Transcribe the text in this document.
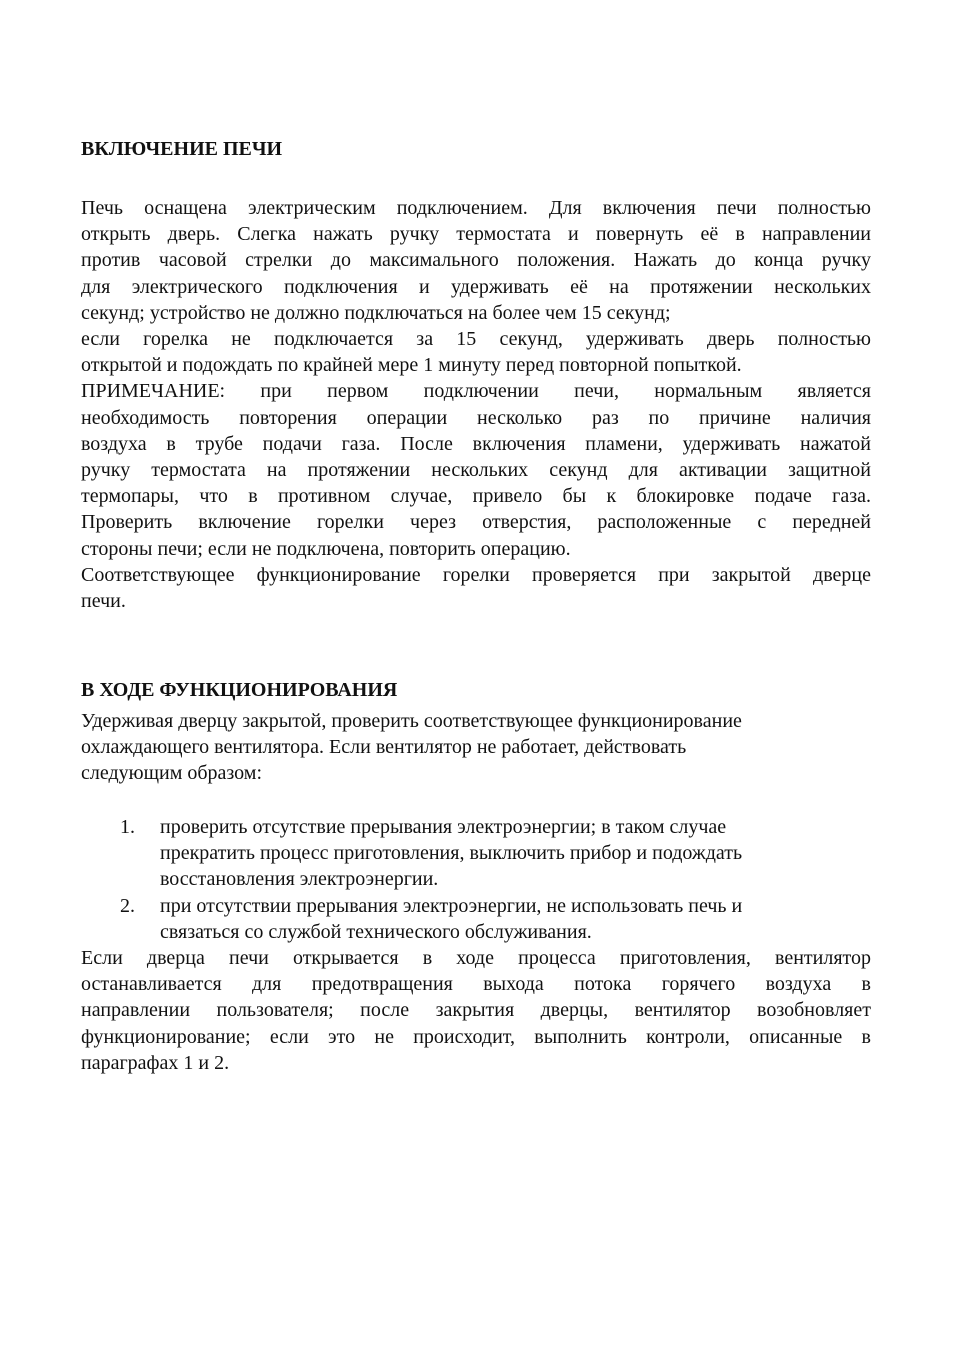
ВКЛЮЧЕНИЕ ПЕЧИ
Печь оснащена электрическим подключением. Для включения печи полностью
открыть дверь. Слегка нажать ручку термостата и повернуть её в направлении
против часовой стрелки до максимального положения. Нажать до конца ручку
для электрического подключения и удерживать её на протяжении нескольких
секунд; устройство не должно подключаться на более чем 15 секунд;
если горелка не подключается за 15 секунд, удерживать дверь полностью
открытой и подождать по крайней мере 1 минуту перед повторной попыткой.
ПРИМЕЧАНИЕ: при первом подключении печи, нормальным является
необходимость повторения операции несколько раз по причине наличия
воздуха в трубе подачи газа. После включения пламени, удерживать нажатой
ручку термостата на протяжении нескольких секунд для активации защитной
термопары, что в противном случае, привело бы к блокировке подаче газа.
Проверить включение горелки через отверстия, расположенные с передней
стороны печи; если не подключена, повторить операцию.
Соответствующее функционирование горелки проверяется при закрытой дверце
печи.
В ХОДЕ ФУНКЦИОНИРОВАНИЯ
Удерживая дверцу закрытой, проверить соответствующее функционирование
охлаждающего вентилятора. Если вентилятор не работает, действовать
следующим образом:
1. проверить отсутствие прерывания электроэнергии; в таком случае
прекратить процесс приготовления, выключить прибор и подождать
восстановления электроэнергии.
2. при отсутствии прерывания электроэнергии, не использовать печь и
связаться со службой технического обслуживания.
Если дверца печи открывается в ходе процесса приготовления, вентилятор
останавливается для предотвращения выхода потока горячего воздуха в
направлении пользователя; после закрытия дверцы, вентилятор возобновляет
функционирование; если это не происходит, выполнить контроли, описанные в
параграфах 1 и 2.
